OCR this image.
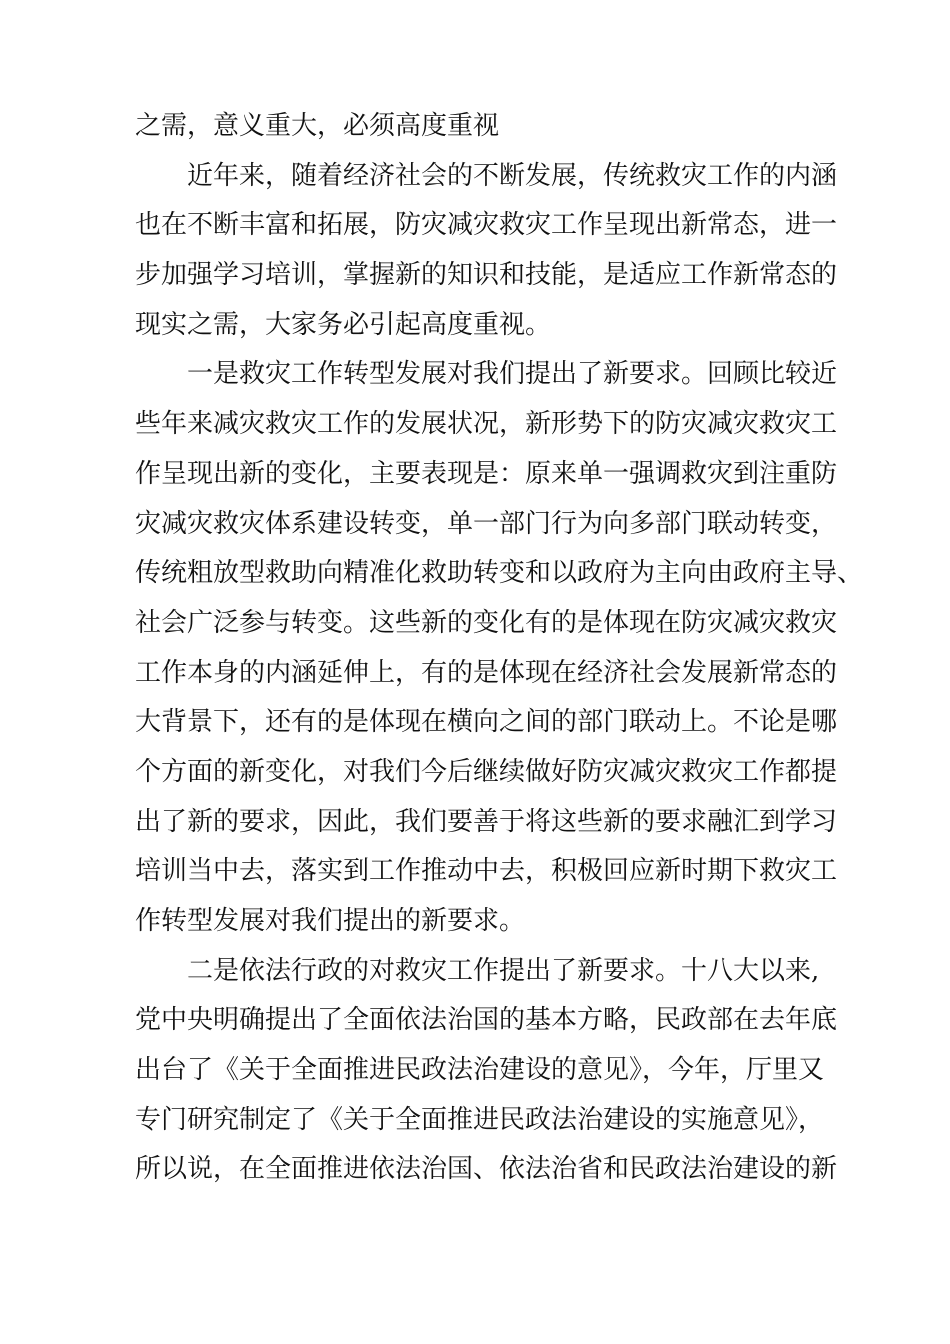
之需，意义重大，必须高度重视
近年来，随着经济社会的不断发展，传统救灾工作的内涵
也在不断丰富和拓展，防灾减灾救灾工作呈现出新常态，进一
步加强学习培训，掌握新的知识和技能，是适应工作新常态的
现实之需，大家务必引起高度重视。
一是救灾工作转型发展对我们提出了新要求。回顾比较近
些年来减灾救灾工作的发展状况，新形势下的防灾减灾救灾工
作呈现出新的变化，主要表现是：原来单一强调救灾到注重防
灾减灾救灾体系建设转变，单一部门行为向多部门联动转变，
传统粗放型救助向精准化救助转变和以政府为主向由政府主导、
社会广泛参与转变。这些新的变化有的是体现在防灾减灾救灾
工作本身的内涵延伸上，有的是体现在经济社会发展新常态的
大背景下，还有的是体现在横向之间的部门联动上。不论是哪
个方面的新变化，对我们今后继续做好防灾减灾救灾工作都提
出了新的要求，因此，我们要善于将这些新的要求融汇到学习
培训当中去，落实到工作推动中去，积极回应新时期下救灾工
作转型发展对我们提出的新要求。
二是依法行政的对救灾工作提出了新要求。十八大以来,
党中央明确提出了全面依法治国的基本方略，民政部在去年底
出台了《关于全面推进民政法治建设的意见》，今年，厅里又
专门研究制定了《关于全面推进民政法治建设的实施意见》，
所以说，在全面推进依法治国、依法治省和民政法治建设的新
